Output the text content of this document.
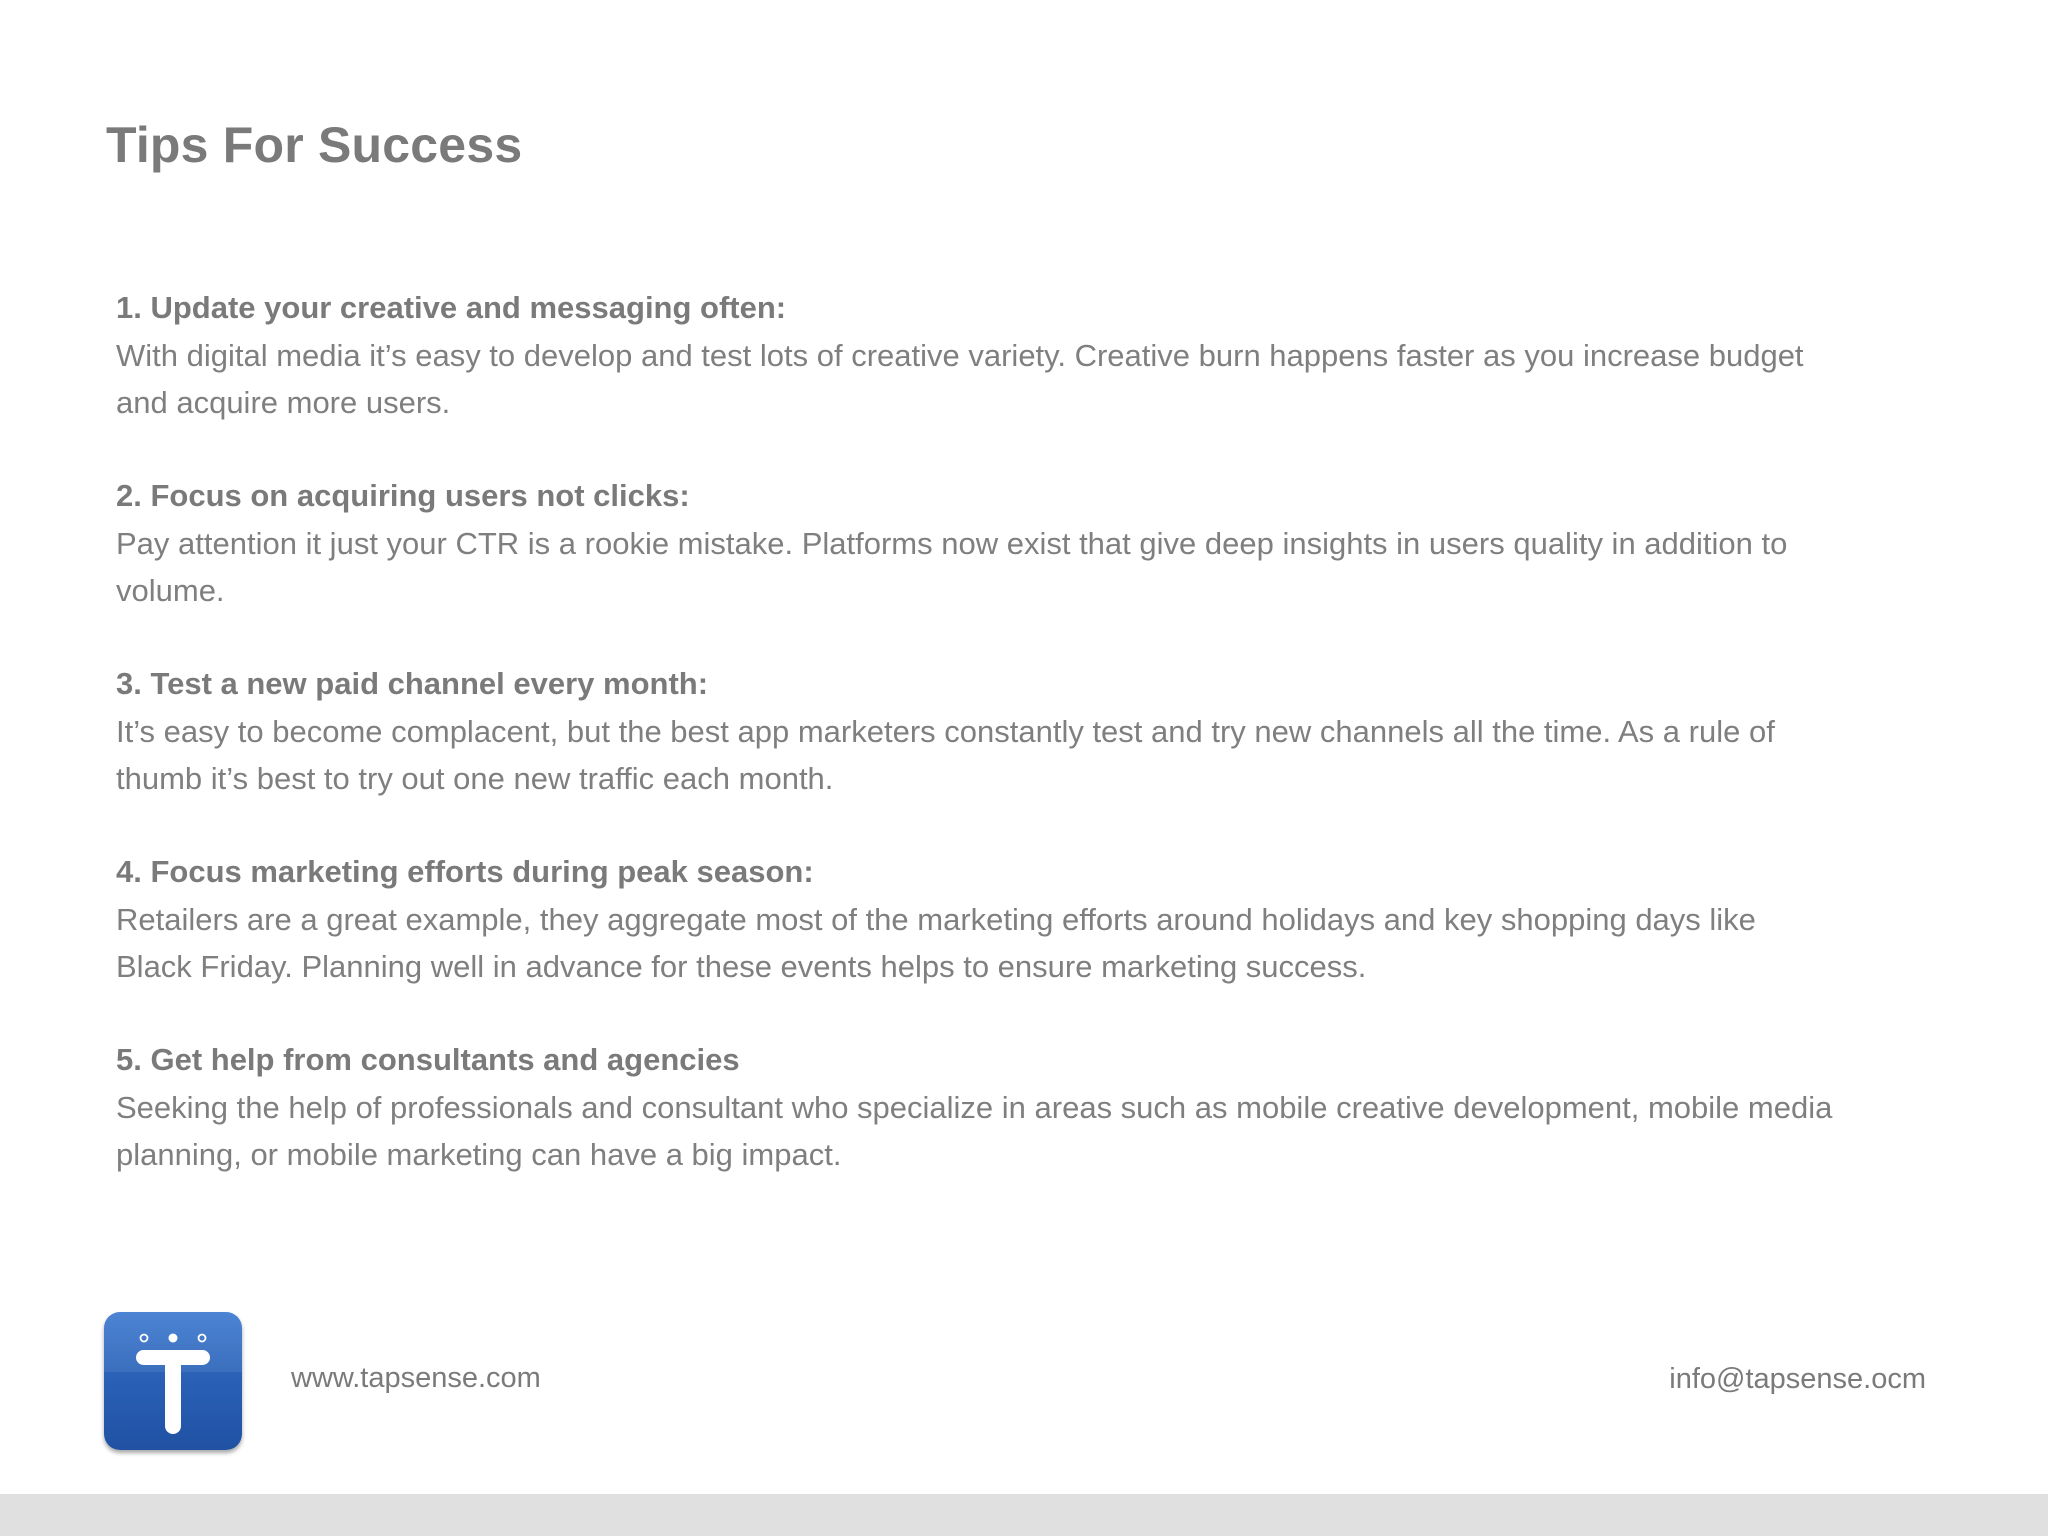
Tips For Success
1. Update your creative and messaging often:
With digital media it’s easy to develop and test lots of creative variety. Creative burn happens faster as you increase budget and acquire more users.
2. Focus on acquiring users not clicks:
Pay attention it just your CTR is a rookie mistake. Platforms now exist that give deep insights in users quality in addition to volume.
3. Test a new paid channel every month:
It’s easy to become complacent, but the best app marketers constantly test and try new channels all the time. As a rule of thumb it’s best to try out one new traffic each month.
4. Focus marketing efforts during peak season:
Retailers are a great example, they aggregate most of the marketing efforts around holidays and key shopping days like Black Friday. Planning well in advance for these events helps to ensure marketing success.
5. Get help from consultants and agencies
Seeking the help of professionals and consultant who specialize in areas such as mobile creative development, mobile media planning, or mobile marketing can have a big impact.
www.tapsense.com	info@tapsense.ocm
